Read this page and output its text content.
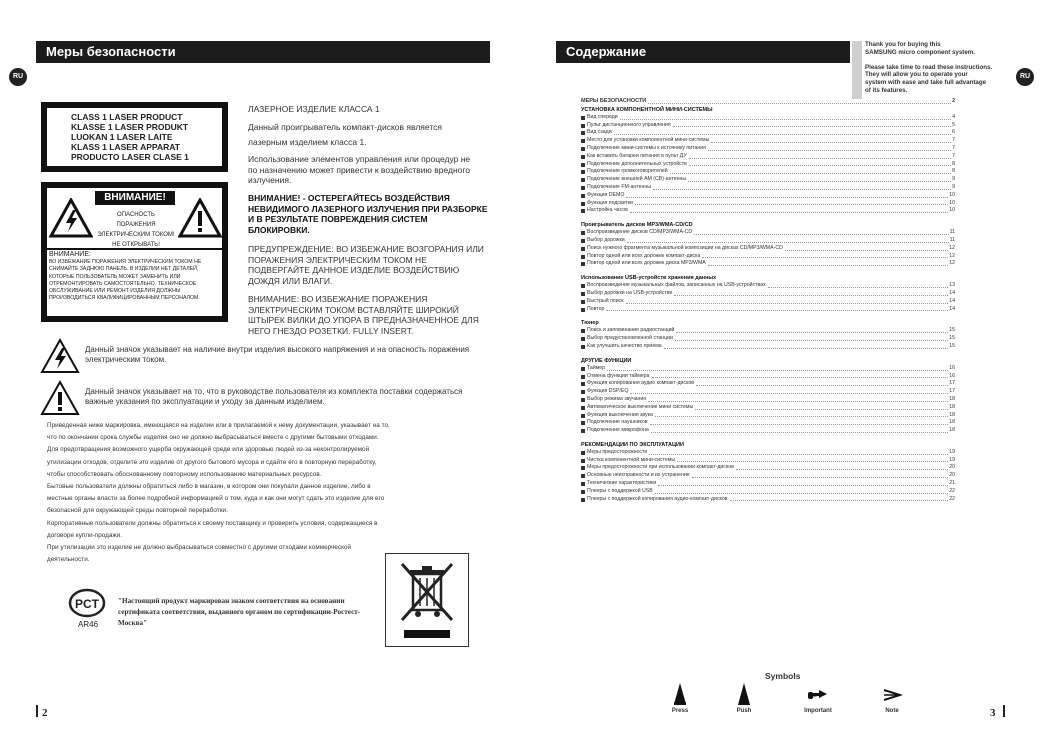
Меры безопасности
RU
CLASS 1 LASER PRODUCT
KLASSE 1 LASER PRODUKT
LUOKAN 1 LASER LAITE
KLASS 1 LASER APPARAT
PRODUCTO LASER CLASE 1
ВНИМАНИЕ!
ОПАСНОСТЬ ПОРАЖЕНИЯ ЭЛЕКТРИЧЕСКИМ ТОКОМ! НЕ ОТКРЫВАТЬ!
ВНИМАНИЕ:
ВО ИЗБЕЖАНИЕ ПОРАЖЕНИЯ ЭЛЕКТРИЧЕСКИМ ТОКОМ НЕ СНИМАЙТЕ ЗАДНЮЮ ПАНЕЛЬ. В ИЗДЕЛИИ НЕТ ДЕТАЛЕЙ, КОТОРЫЕ ПОЛЬЗОВАТЕЛЬ МОЖЕТ ЗАМЕНИТЬ ИЛИ ОТРЕМОНТИРОВАТЬ САМОСТОЯТЕЛЬНО. ТЕХНИЧЕСКОЕ ОБСЛУЖИВАНИЕ ИЛИ РЕМОНТ ИЗДЕЛИЯ ДОЛЖНЫ ПРОИЗВОДИТЬСЯ КВАЛИФИЦИРОВАННЫМ ПЕРСОНАЛОМ.
ЛАЗЕРНОЕ ИЗДЕЛИЕ КЛАССА 1
Данный проигрыватель компакт-дисков является лазерным изделием класса 1.
Использование элементов управления или процедур не по назначению может привести к воздействию вредного излучения.
ВНИМАНИЕ! - ОСТЕРЕГАЙТЕСЬ ВОЗДЕЙСТВИЯ НЕВИДИМОГО ЛАЗЕРНОГО ИЗЛУЧЕНИЯ ПРИ РАЗБОРКЕ И В РЕЗУЛЬТАТЕ ПОВРЕЖДЕНИЯ СИСТЕМ БЛОКИРОВКИ.
ПРЕДУПРЕЖДЕНИЕ: ВО ИЗБЕЖАНИЕ ВОЗГОРАНИЯ ИЛИ ПОРАЖЕНИЯ ЭЛЕКТРИЧЕСКИМ ТОКОМ НЕ ПОДВЕРГАЙТЕ ДАННОЕ ИЗДЕЛИЕ ВОЗДЕЙСТВИЮ ДОЖДЯ ИЛИ ВЛАГИ.
ВНИМАНИЕ: ВО ИЗБЕЖАНИЕ ПОРАЖЕНИЯ ЭЛЕКТРИЧЕСКИМ ТОКОМ ВСТАВЛЯЙТЕ ШИРОКИЙ ШТЫРЕК ВИЛКИ ДО УПОРА В ПРЕДНАЗНАЧЕННОЕ ДЛЯ НЕГО ГНЕЗДО РОЗЕТКИ. FULLY INSERT.
Данный значок указывает на наличие внутри изделия высокого напряжения и на опасность поражения электрическим током.
Данный значок указывает на то, что в руководстве пользователя из комплекта поставки содержаться важные указания по эксплуатации и уходу за данным изделием.
Приведенная ниже маркировка, имеющаяся на изделии или в прилагаемой к нему документации, указывает на то,
что по окончании срока службы изделия оно не должно выбрасываться вместе с другими бытовыми отходами.
Для предотвращения возможного ущерба окружающей среде или здоровью людей из-за неконтролируемой
утилизации отходов, отделите это изделие от другого бытового мусора и сдайте его в повторную переработку,
чтобы способствовать обоснованному повторному использованию материальных ресурсов.
Бытовые пользователи должны обратиться либо в магазин, в котором они покупали данное изделие, либо в
местные органы власти за более подробной информацией о том, куда и как они могут сдать это изделие для его
безопасной для окружающей среды повторной переработки.
Корпоративные пользователи должны обратиться к своему поставщику и проверить условия, содержащиеся в
договоре купли-продажи.
При утилизации это изделие не должно выбрасываться совместно с другими отходами коммерческой
деятельности.
PCT
AR46
"Настоящий продукт маркирован знаком соответствия на основании сертификата соответствия, выданного органом по сертификации-Ростест-Москва"
2
Содержание
RU
Thank you for buying this
SAMSUNG micro component system.
Please take time to read these instructions.
They will allow you to operate your
system with ease and take full advantage
of its features.
МЕРЫ БЕЗОПАСНОСТИ	2
УСТАНОВКА КОМПОНЕНТНОЙ МИНИ-СИСТЕМЫ
Вид спереди	4
Пульт дистанционного управления	5
Вид сзади	6
Место для установки компонентной мини-системы	7
Подключение мини-системы к источнику питания	7
Как вставить батареи питания в пульт ДУ	7
Подключение дополнительных устройств	8
Подключение громкоговорителей	8
Подключение внешней AM (CB)-антенны	9
Подключение FM-антенны	9
Функция DEMO	10
Функция подсветки	10
Настройка часов	10
Проигрыватель дисков MP3/WMA-CD/CD
Воспроизведение дисков CD/MP3/WMA-CD	11
Выбор дорожки	11
Поиск нужного фрагмента музыкальной композиции на дисках CD/MP3/WMA-CD	12
Повтор одной или всех дорожек компакт-диска	12
Повтор одной или всех дорожек диска MP3/WMA	12
Использование USB-устройств хранения данных
Воспроизведение музыкальных файлов, записанных на USB-устройствах	13
Выбор дорожки на USB-устройстве	14
Быстрый поиск	14
Повтор	14
Тюнер
Поиск и запоминание радиостанций	15
Выбор предустановленной станции	15
Как улучшить качество приема	15
ДРУГИЕ ФУНКЦИИ
Таймер	16
Отмена функции таймера	16
Функция копирования аудио компакт-дисков	17
Функция DSP/EQ	17
Выбор режима звучания	18
Автоматическое выключение мини системы	18
Функция выключения звука	18
Подключение наушников	18
Подключение микрофона	18
РЕКОМЕНДАЦИИ ПО ЭКСПЛУАТАЦИИ
Меры предосторожности	19
Чистка компонентной мини-системы	19
Меры предосторожности при использовании компакт-дисков	20
Основные неисправности и их устранение	20
Технические характеристики	21
Плееры с поддержкой USB	22
Плееры с поддержкой копирования аудио-компакт-дисков	22
Symbols
Press	Push	Important	Note	3
